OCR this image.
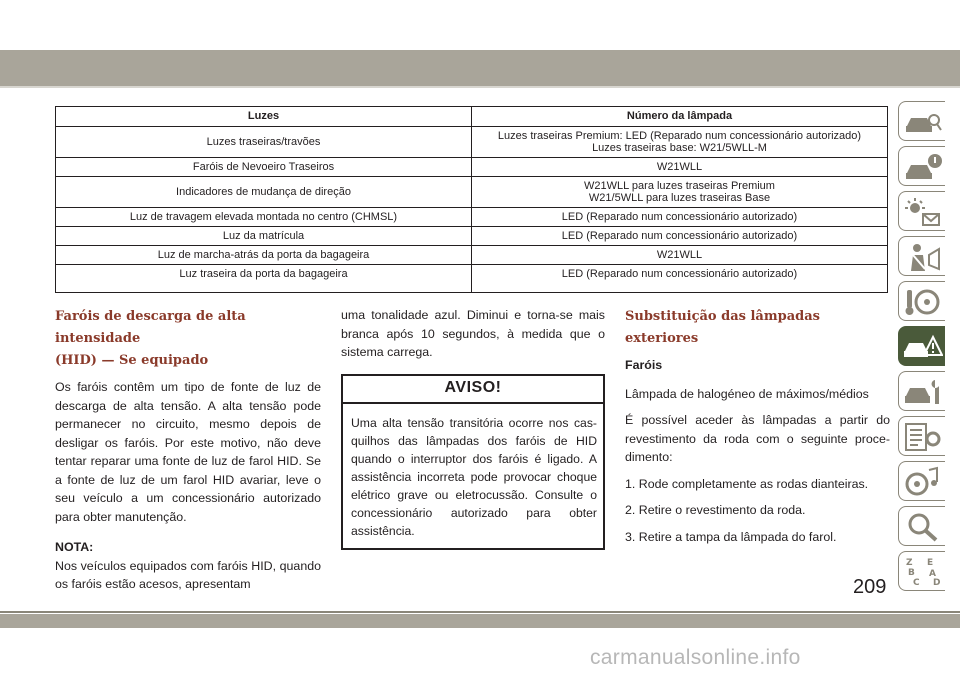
Luzes	Número da lâmpada
Luzes traseiras/travões	Luzes traseiras Premium: LED (Reparado num concessionário autorizado)
Luzes traseiras base: W21/5WLL-M

Faróis de Nevoeiro Traseiros	W21WLL

Indicadores de mudança de direção	W21WLL para luzes traseiras Premium
W21/5WLL para luzes traseiras Base

Luz de travagem elevada montada no centro (CHMSL)	LED (Reparado num concessionário autorizado)

Luz da matrícula	LED (Reparado num concessionário autorizado)

Luz de marcha-atrás da porta da bagageira	W21WLL

Luz traseira da porta da bagageira	LED (Reparado num concessionário autorizado)
Faróis de descarga de alta intensidade
(HID) — Se equipado

Os faróis contêm um tipo de fonte de luz de descarga de alta tensão. A alta tensão pode permanecer no circuito, mesmo depois de desligar os faróis. Por este motivo, não deve tentar reparar uma fonte de luz de farol HID. Se a fonte de luz de um farol HID avariar, leve o seu veículo a um concessionário autorizado para obter manutenção.

NOTA:

Nos veículos equipados com faróis HID, quando os faróis estão acesos, apresentam

uma tonalidade azul. Diminui e torna-se mais branca após 10 segundos, à medida que o sistema carrega.

AVISO!
Uma alta tensão transitória ocorre nos cas-quilhos das lâmpadas dos faróis de HID quando o interruptor dos faróis é ligado. A assistência incorreta pode provocar choque elétrico grave ou eletrocussão. Consulte o concessionário autorizado para obter assistência.
Substituição das lâmpadas exteriores

Faróis

Lâmpada de halogéneo de máximos/médios

É possível aceder às lâmpadas a partir do revestimento da roda com o seguinte proce-dimento:

1. Rode completamente as rodas dianteiras.
2. Retire o revestimento da roda.
3. Retire a tampa da lâmpada do farol.
Z E
B A
C D
209
carmanualsonline.info
